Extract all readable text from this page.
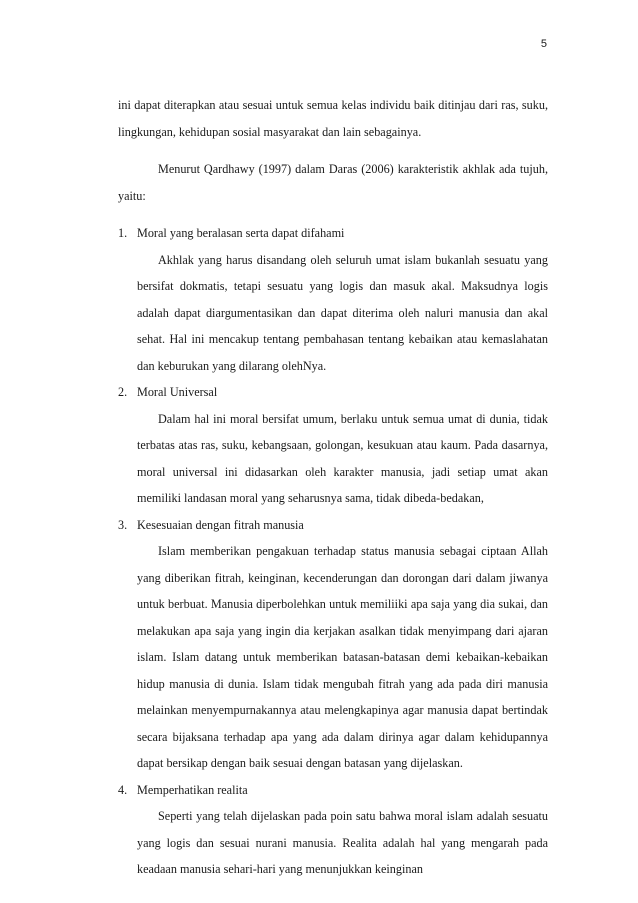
5

ini dapat diterapkan atau sesuai untuk semua kelas individu baik ditinjau dari ras, suku, lingkungan, kehidupan sosial masyarakat dan lain sebagainya.

Menurut Qardhawy (1997) dalam Daras (2006) karakteristik akhlak ada tujuh, yaitu:

1. Moral yang beralasan serta dapat difahami

Akhlak yang harus disandang oleh seluruh umat islam bukanlah sesuatu yang bersifat dokmatis, tetapi sesuatu yang logis dan masuk akal. Maksudnya logis adalah dapat diargumentasikan dan dapat diterima oleh naluri manusia dan akal sehat. Hal ini mencakup tentang pembahasan tentang kebaikan atau kemaslahatan dan keburukan yang dilarang olehNya.

2. Moral Universal

Dalam hal ini moral bersifat umum, berlaku untuk semua umat di dunia, tidak terbatas atas ras, suku, kebangsaan, golongan, kesukuan atau kaum. Pada dasarnya, moral universal ini didasarkan oleh karakter manusia, jadi setiap umat akan memiliki landasan moral yang seharusnya sama, tidak dibeda-bedakan,

3. Kesesuaian dengan fitrah manusia

Islam memberikan pengakuan terhadap status manusia sebagai ciptaan Allah yang diberikan fitrah, keinginan, kecenderungan dan dorongan dari dalam jiwanya untuk berbuat. Manusia diperbolehkan untuk memiliiki apa saja yang dia sukai, dan melakukan apa saja yang ingin dia kerjakan asalkan tidak menyimpang dari ajaran islam. Islam datang untuk memberikan batasan-batasan demi kebaikan-kebaikan hidup manusia di dunia. Islam tidak mengubah fitrah yang ada pada diri manusia melainkan menyempurnakannya atau melengkapinya agar manusia dapat bertindak secara bijaksana terhadap apa yang ada dalam dirinya agar dalam kehidupannya dapat bersikap dengan baik sesuai dengan batasan yang dijelaskan.

4. Memperhatikan realita

Seperti yang telah dijelaskan pada poin satu bahwa moral islam adalah sesuatu yang logis dan sesuai nurani manusia. Realita adalah hal yang mengarah pada keadaan manusia sehari-hari yang menunjukkan keinginan
